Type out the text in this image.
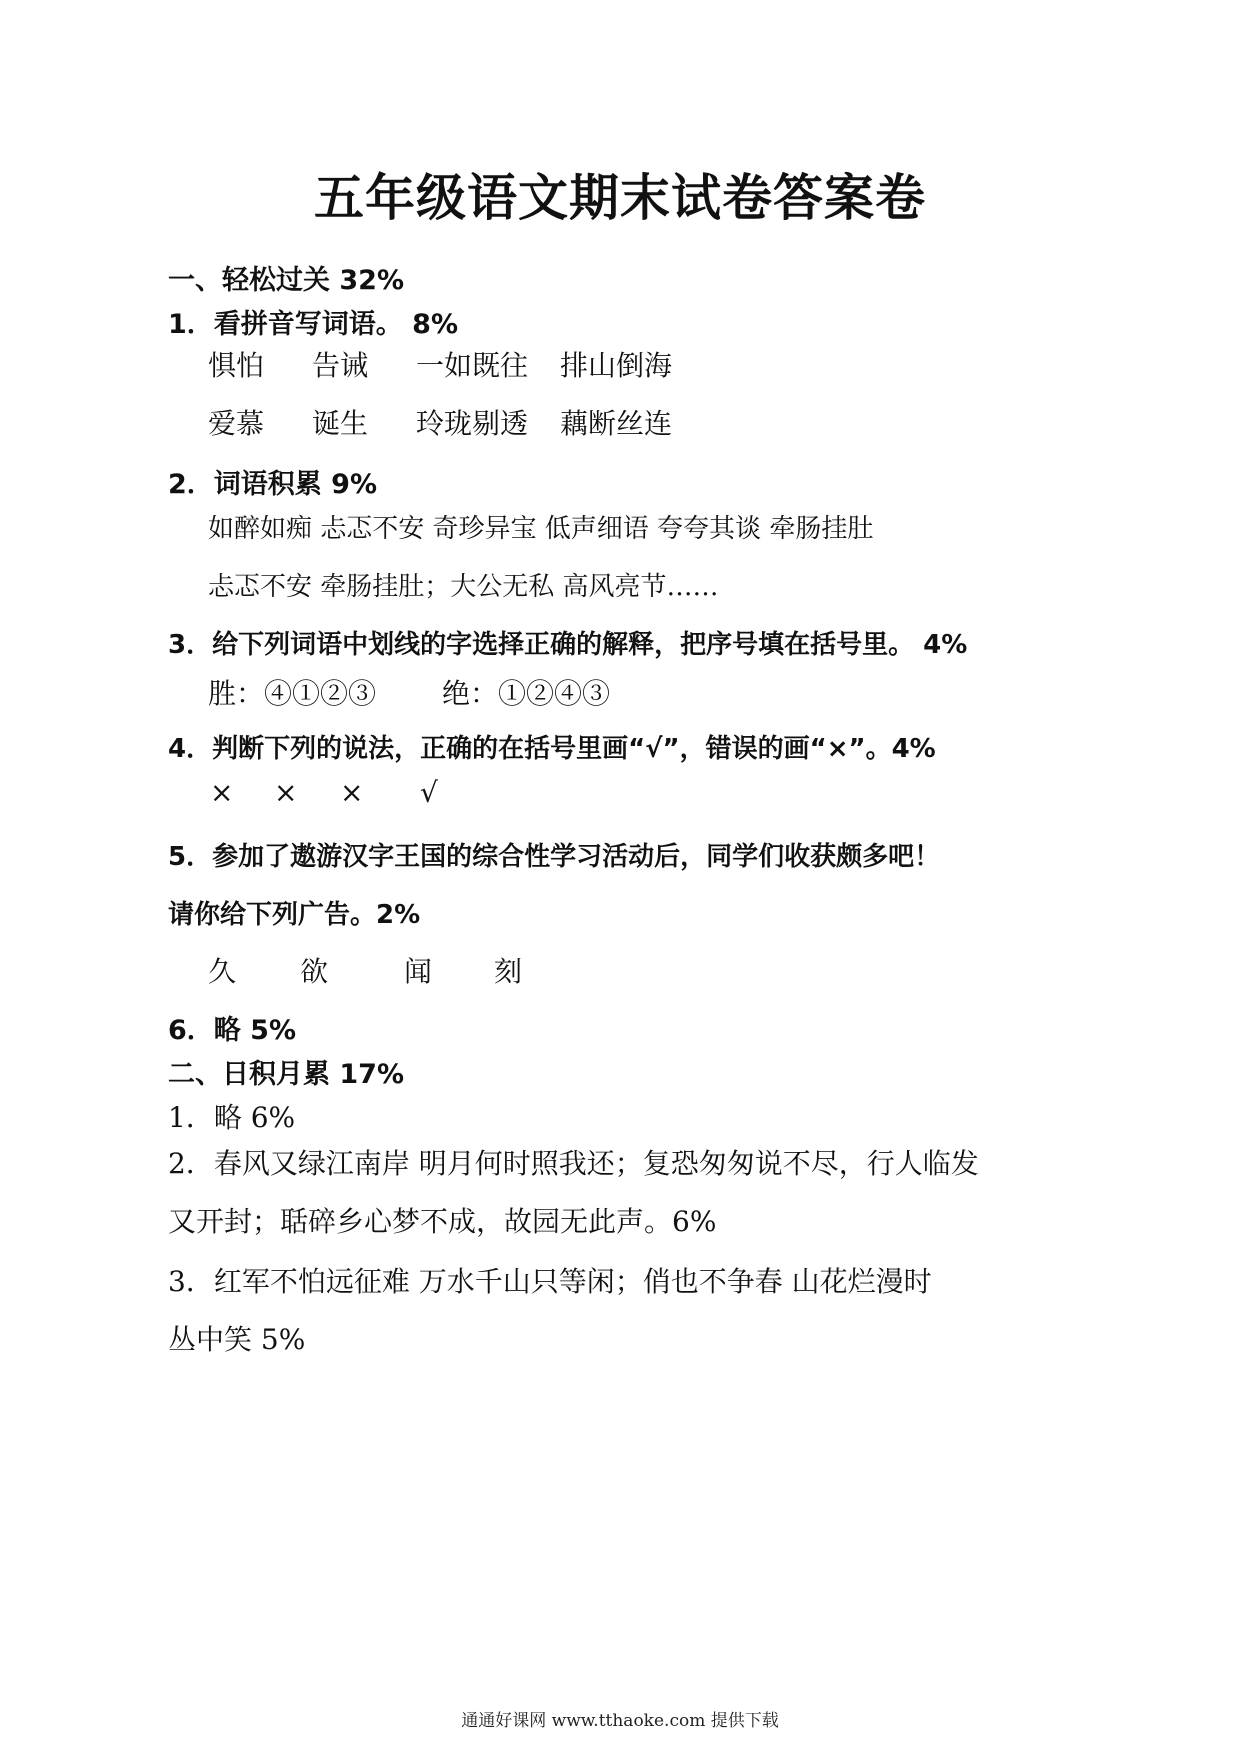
五年级语文期末试卷答案卷
一、轻松过关 32%
1．看拼音写词语。 8%
惧怕 告诫 一如既往 排山倒海
爱慕 诞生 玲珑剔透 藕断丝连
2．词语积累 9%
如醉如痴 忐忑不安 奇珍异宝 低声细语 夸夸其谈 牵肠挂肚
忐忑不安 牵肠挂肚；大公无私 高风亮节……
3．给下列词语中划线的字选择正确的解释，把序号填在括号里。 4%
胜：④①②③ 绝：①②④③
4．判断下列的说法，正确的在括号里画“√”，错误的画“×”。4%
× × × √
5．参加了遨游汉字王国的综合性学习活动后，同学们收获颇多吧！
请你给下列广告。2%
久 欲	闻 刻
6．略 5%
二、日积月累 17%
1．略 6%
2．春风又绿江南岸 明月何时照我还；复恐匆匆说不尽，行人临发
又开封；聒碎乡心梦不成，故园无此声。6%
3．红军不怕远征难 万水千山只等闲；俏也不争春 山花烂漫时
丛中笑 5%
通通好课网 www.tthaoke.com 提供下载
